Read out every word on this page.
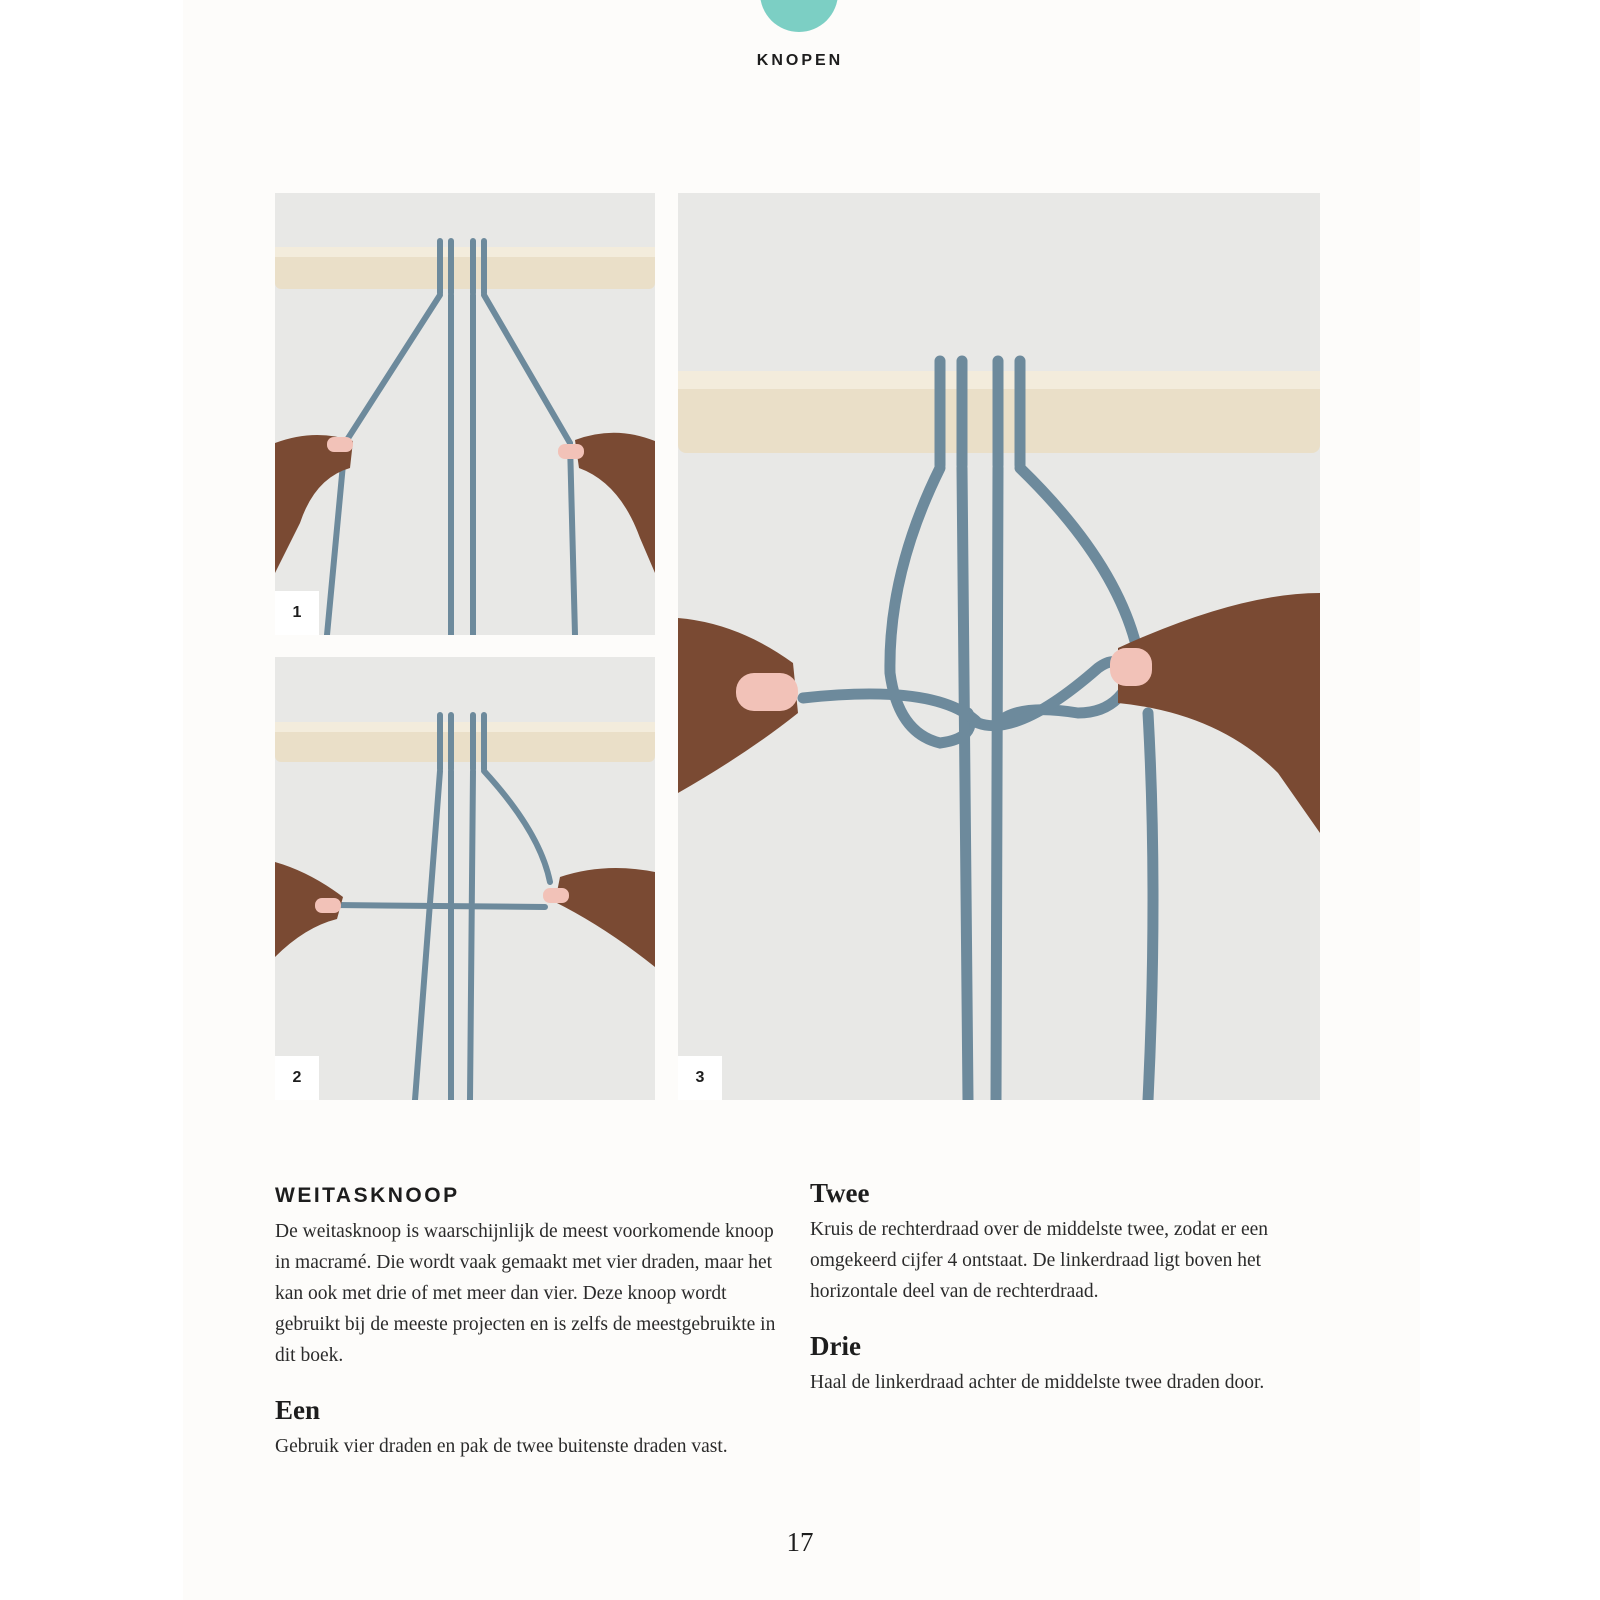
KNOPEN
1
2	3
WEITASKNOOP

De weitasknoop is waarschijnlijk de meest voorkomende knoop in macramé. Die wordt vaak gemaakt met vier draden, maar het kan ook met drie of met meer dan vier. Deze knoop wordt gebruikt bij de meeste projecten en is zelfs de meestgebruikte in dit boek.

Een

Gebruik vier draden en pak de twee buitenste draden vast.

Twee

Kruis de rechterdraad over de middelste twee, zodat er een omgekeerd cijfer 4 ontstaat. De linkerdraad ligt boven het horizontale deel van de rechterdraad.

Drie

Haal de linkerdraad achter de middelste twee draden door.

17
